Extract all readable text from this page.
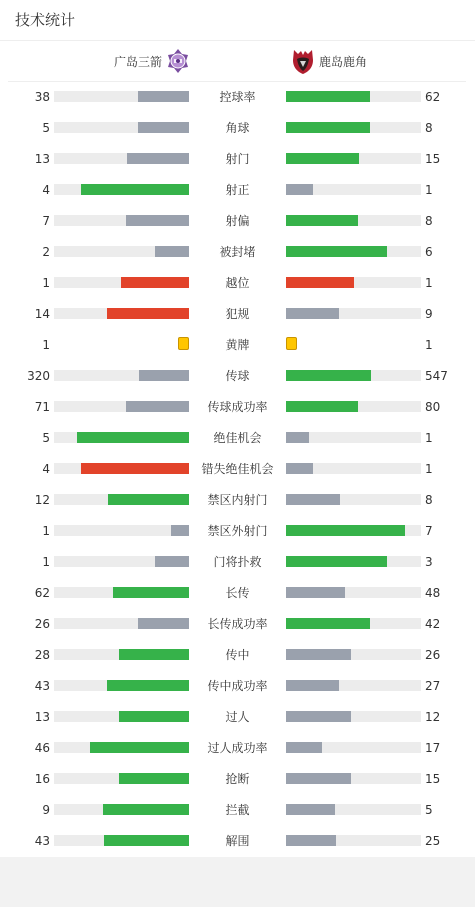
技术统计
广岛三箭	鹿岛鹿角
38	控球率	62
5	角球	8
13	射门	15
4	射正	1
7	射偏	8
2	被封堵	6
1	越位	1
14	犯规	9
1	黄牌	1
320	传球	547
71	传球成功率	80
5	绝佳机会	1
4	错失绝佳机会	1
12	禁区内射门	8
1	禁区外射门	7
1	门将扑救	3
62	长传	48
26	长传成功率	42
28	传中	26
43	传中成功率	27
13	过人	12
46	过人成功率	17
16	抢断	15
9	拦截	5
43	解围	25
